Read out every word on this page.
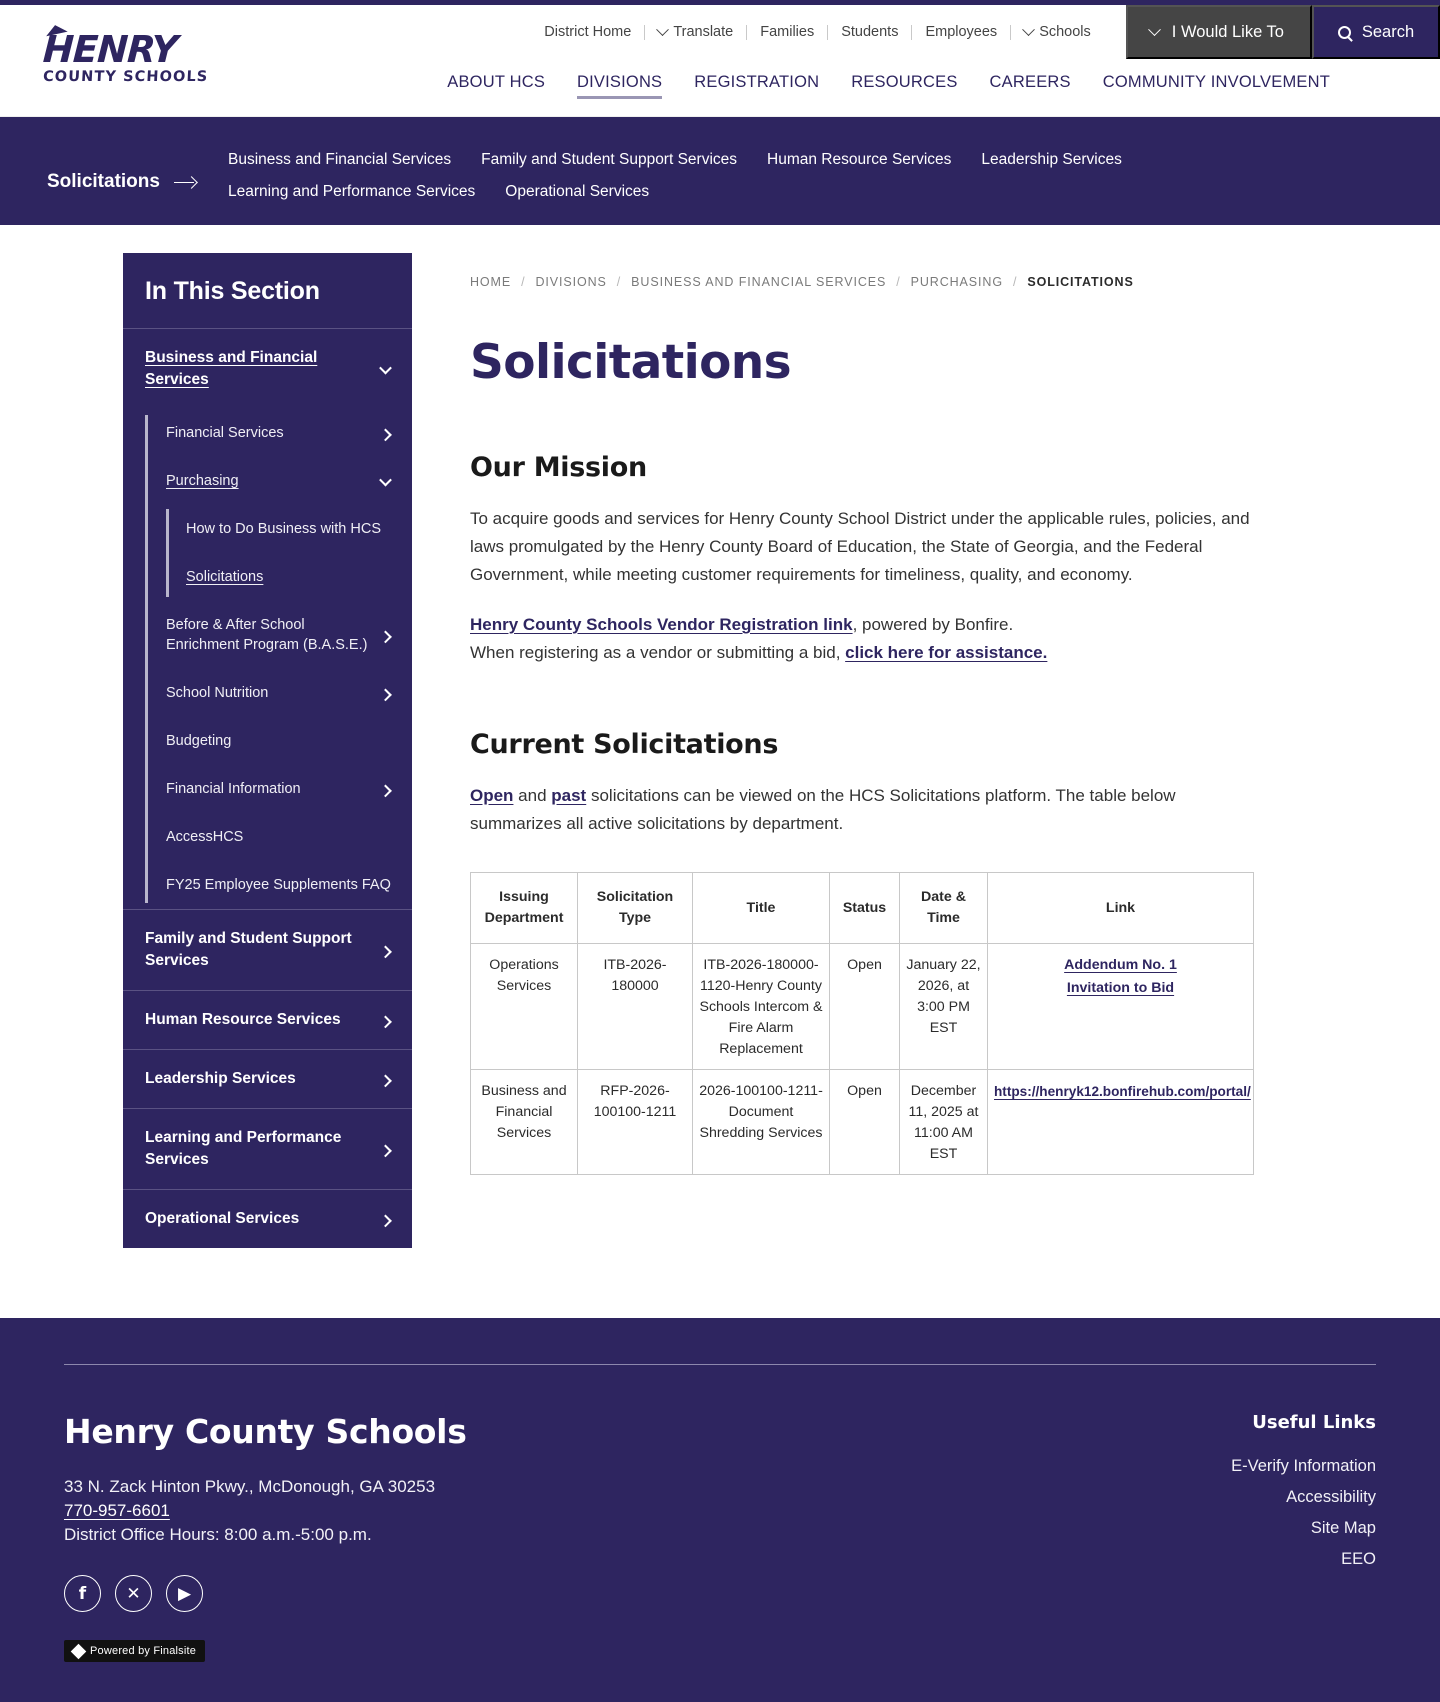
HENRY
COUNTY SCHOOLS
District Home	Translate Families Students Employees	Schools	I Would Like To	Search
ABOUT HCS DIVISIONS REGISTRATION RESOURCES CAREERS COMMUNITY INVOLVEMENT
Solicitations
Business and Financial Services Family and Student Support Services Human Resource Services Leadership Services
Learning and Performance Services Operational Services
In This Section
Business and Financial Services
Financial Services
Purchasing
How to Do Business with HCS
Solicitations
Before & After School Enrichment Program (B.A.S.E.)
School Nutrition
Budgeting
Financial Information
AccessHCS
FY25 Employee Supplements FAQ
Family and Student Support Services
Human Resource Services
Leadership Services
Learning and Performance Services
Operational Services
HOME / DIVISIONS / BUSINESS AND FINANCIAL SERVICES / PURCHASING / SOLICITATIONS
Solicitations
Our Mission

To acquire goods and services for Henry County School District under the applicable rules, policies, and laws promulgated by the Henry County Board of Education, the State of Georgia, and the Federal Government, while meeting customer requirements for timeliness, quality, and economy.

Henry County Schools Vendor Registration link, powered by Bonfire.
When registering as a vendor or submitting a bid, click here for assistance.

Current Solicitations

Open and past solicitations can be viewed on the HCS Solicitations platform. The table below summarizes all active solicitations by department.

Issuing Department	Solicitation Type	Title	Status	Date & Time	Link
Operations Services	ITB-2026-180000	ITB-2026-180000-1120-Henry County Schools Intercom & Fire Alarm Replacement	Open	January 22, 2026, at 3:00 PM EST	Addendum No. 1
Invitation to Bid

Business and Financial Services	RFP-2026-100100-1211	2026-100100-1211-Document Shredding Services	Open	December 11, 2025 at 11:00 AM EST	https://henryk12.bonfirehub.com/portal/
Henry County Schools
33 N. Zack Hinton Pkwy., McDonough, GA 30253
770-957-6601
District Office Hours: 8:00 a.m.-5:00 p.m.
f	✕	▶
Powered by Finalsite
Useful Links
E-Verify Information
Accessibility
Site Map
EEO
